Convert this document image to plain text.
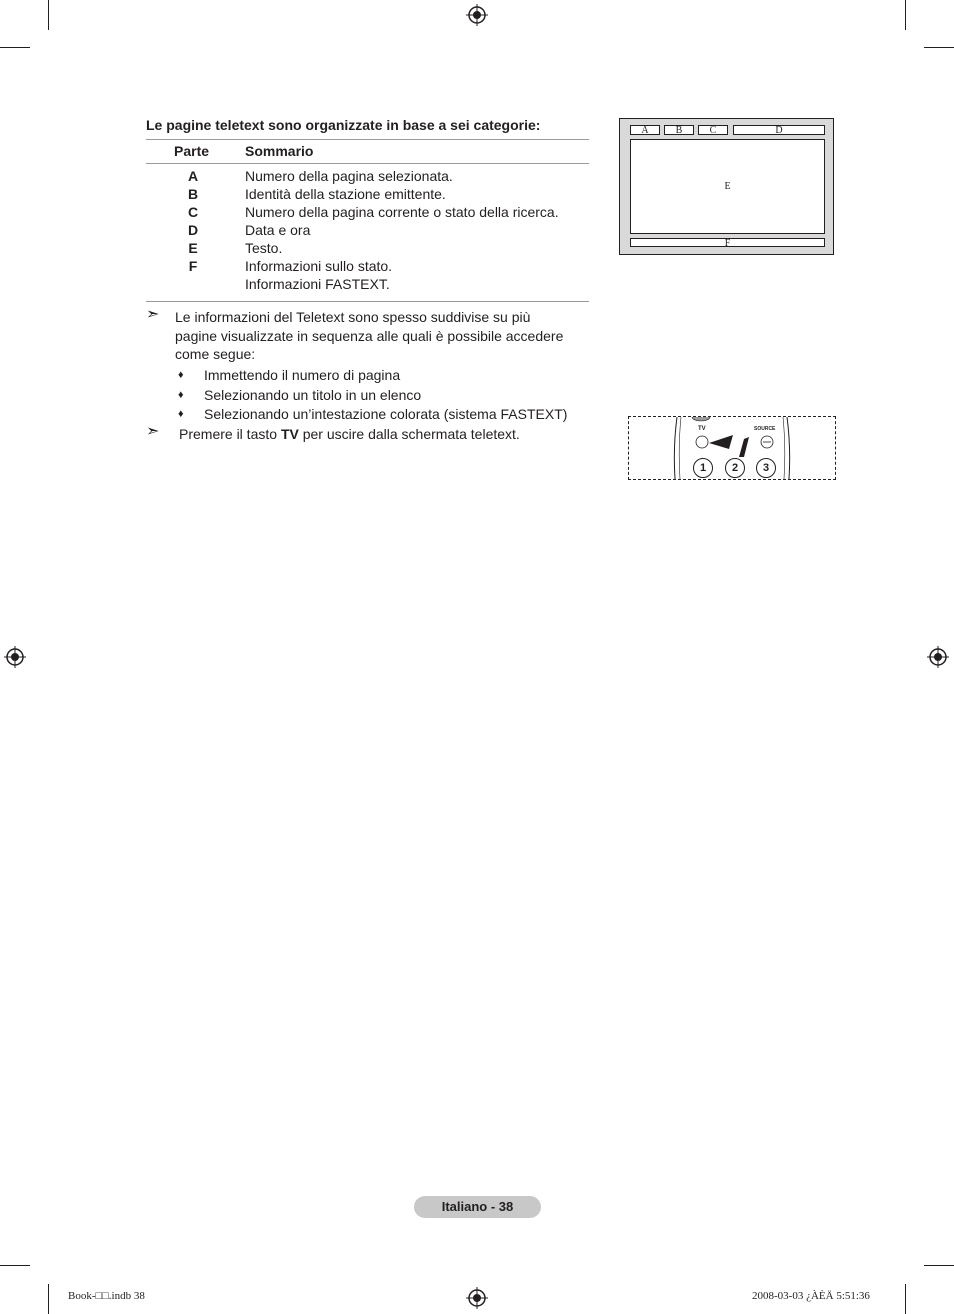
Le pagine teletext sono organizzate in base a sei categorie:
Parte	Sommario
A	Numero della pagina selezionata.
B	Identità della stazione emittente.
C	Numero della pagina corrente o stato della ricerca.
D	Data e ora
E	Testo.
F	Informazioni sullo stato.
Informazioni FASTEXT.
➣ Le informazioni del Teletext sono spesso suddivise su più
pagine visualizzate in sequenza alle quali è possibile accedere
come segue:
♦ Immettendo il numero di pagina
♦ Selezionando un titolo in un elenco
♦ Selezionando un’intestazione colorata (sistema FASTEXT)
➣ Premere il tasto TV per uscire dalla schermata teletext.
A	B	C	D
E
F
TV	SOURCE
1	2	3
Italiano - 38
Book-□□.indb 38	2008-03-03 ¿ÀÈÄ 5:51:36
